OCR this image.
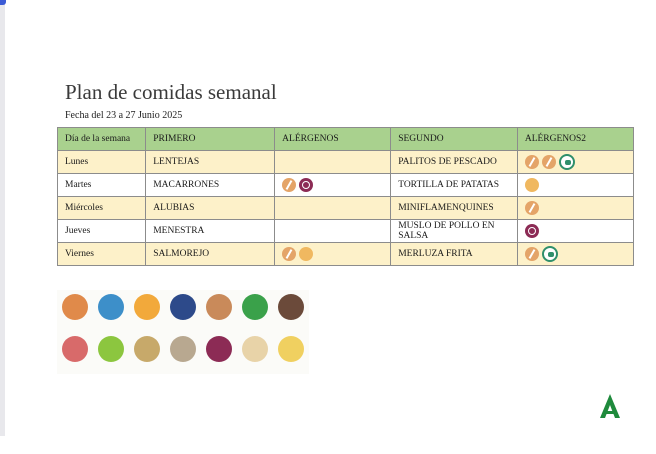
Plan de comidas semanal
Fecha del 23 a 27 Junio 2025
Día de la semana	PRIMERO	ALÉRGENOS	SEGUNDO	ALÉRGENOS2
Lunes	LENTEJAS		PALITOS DE PESCADO	
Martes	MACARRONES		TORTILLA DE PATATAS	
Miércoles	ALUBIAS		MINIFLAMENQUINES	
Jueves	MENESTRA		MUSLO DE POLLO EN SALSA	
Viernes	SALMOREJO		MERLUZA FRITA	
